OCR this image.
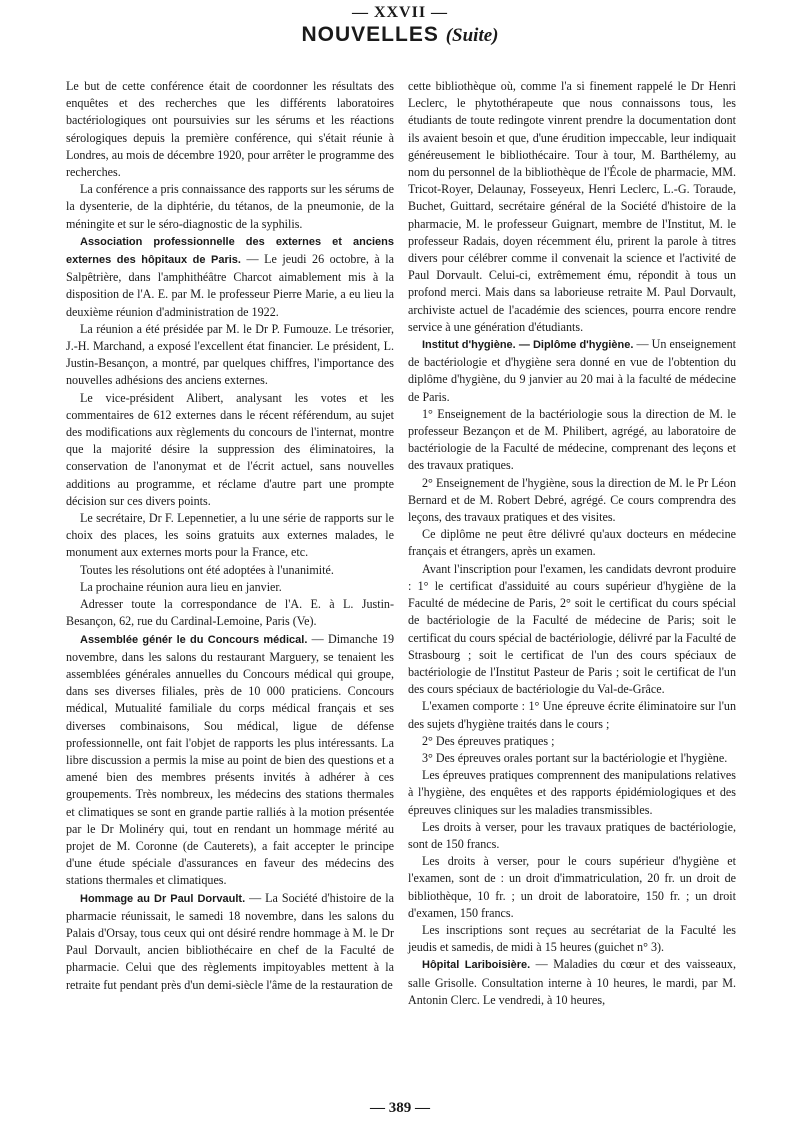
— XXVII —
NOUVELLES (Suite)

Le but de cette conférence était de coordonner les résultats des enquêtes et des recherches que les différents laboratoires bactériologiques ont poursuivies sur les sérums et les réactions sérologiques depuis la première conférence, qui s'était réunie à Londres, au mois de décembre 1920, pour arrêter le programme des recherches.

La conférence a pris connaissance des rapports sur les sérums de la dysenterie, de la diphtérie, du tétanos, de la pneumonie, de la méningite et sur le séro-diagnostic de la syphilis.

Association professionnelle des externes et anciens externes des hôpitaux de Paris. — Le jeudi 26 octobre, à la Salpêtrière, dans l'amphithéâtre Charcot aimablement mis à la disposition de l'A. E. par M. le professeur Pierre Marie, a eu lieu la deuxième réunion d'administration de 1922.

La réunion a été présidée par M. le Dr P. Fumouze. Le trésorier, J.-H. Marchand, a exposé l'excellent état financier. Le président, L. Justin-Besançon, a montré, par quelques chiffres, l'importance des nouvelles adhésions des anciens externes.

Le vice-président Alibert, analysant les votes et les commentaires de 612 externes dans le récent référendum, au sujet des modifications aux règlements du concours de l'internat, montre que la majorité désire la suppression des éliminatoires, la conservation de l'anonymat et de l'écrit actuel, sans nouvelles additions au programme, et réclame d'autre part une prompte décision sur ces divers points.

Le secrétaire, Dr F. Lepennetier, a lu une série de rapports sur le choix des places, les soins gratuits aux externes malades, le monument aux externes morts pour la France, etc.

Toutes les résolutions ont été adoptées à l'unanimité.

La prochaine réunion aura lieu en janvier.

Adresser toute la correspondance de l'A. E. à L. Justin-Besançon, 62, rue du Cardinal-Lemoine, Paris (Ve).

Assemblée génér le du Concours médical. — Dimanche 19 novembre, dans les salons du restaurant Marguery, se tenaient les assemblées générales annuelles du Concours médical qui groupe, dans ses diverses filiales, près de 10 000 praticiens. Concours médical, Mutualité familiale du corps médical français et ses diverses combinaisons, Sou médical, ligue de défense professionnelle, ont fait l'objet de rapports les plus intéressants. La libre discussion a permis la mise au point de bien des questions et a amené bien des membres présents invités à adhérer à ces groupements. Très nombreux, les médecins des stations thermales et climatiques se sont en grande partie ralliés à la motion présentée par le Dr Molinéry qui, tout en rendant un hommage mérité au projet de M. Coronne (de Cauterets), a fait accepter le principe d'une étude spéciale d'assurances en faveur des médecins des stations thermales et climatiques.

Hommage au Dr Paul Dorvault. — La Société d'histoire de la pharmacie réunissait, le samedi 18 novembre, dans les salons du Palais d'Orsay, tous ceux qui ont désiré rendre hommage à M. le Dr Paul Dorvault, ancien bibliothécaire en chef de la Faculté de pharmacie. Celui que des règlements impitoyables mettent à la retraite fut pendant près d'un demi-siècle l'âme de la restauration de

cette bibliothèque où, comme l'a si finement rappelé le Dr Henri Leclerc, le phytothérapeute que nous connaissons tous, les étudiants de toute redingote vinrent prendre la documentation dont ils avaient besoin et que, d'une érudition impeccable, leur indiquait généreusement le bibliothécaire. Tour à tour, M. Barthélemy, au nom du personnel de la bibliothèque de l'École de pharmacie, MM. Tricot-Royer, Delaunay, Fosseyeux, Henri Leclerc, L.-G. Toraude, Buchet, Guittard, secrétaire général de la Société d'histoire de la pharmacie, M. le professeur Guignart, membre de l'Institut, M. le professeur Radais, doyen récemment élu, prirent la parole à titres divers pour célébrer comme il convenait la science et l'activité de Paul Dorvault. Celui-ci, extrêmement ému, répondit à tous un profond merci. Mais dans sa laborieuse retraite M. Paul Dorvault, archiviste actuel de l'académie des sciences, pourra encore rendre service à une génération d'étudiants.

Institut d'hygiène. — Diplôme d'hygiène. — Un enseignement de bactériologie et d'hygiène sera donné en vue de l'obtention du diplôme d'hygiène, du 9 janvier au 20 mai à la faculté de médecine de Paris.

1° Enseignement de la bactériologie sous la direction de M. le professeur Bezançon et de M. Philibert, agrégé, au laboratoire de bactériologie de la Faculté de médecine, comprenant des leçons et des travaux pratiques.

2° Enseignement de l'hygiène, sous la direction de M. le Pr Léon Bernard et de M. Robert Debré, agrégé. Ce cours comprendra des leçons, des travaux pratiques et des visites.

Ce diplôme ne peut être délivré qu'aux docteurs en médecine français et étrangers, après un examen.

Avant l'inscription pour l'examen, les candidats devront produire : 1° le certificat d'assiduité au cours supérieur d'hygiène de la Faculté de médecine de Paris, 2° soit le certificat du cours spécial de bactériologie de la Faculté de médecine de Paris; soit le certificat du cours spécial de bactériologie, délivré par la Faculté de Strasbourg ; soit le certificat de l'un des cours spéciaux de bactériologie de l'Institut Pasteur de Paris ; soit le certificat de l'un des cours spéciaux de bactériologie du Val-de-Grâce.

L'examen comporte : 1° Une épreuve écrite éliminatoire sur l'un des sujets d'hygiène traités dans le cours ;

2° Des épreuves pratiques ;

3° Des épreuves orales portant sur la bactériologie et l'hygiène.

Les épreuves pratiques comprennent des manipulations relatives à l'hygiène, des enquêtes et des rapports épidémiologiques et des épreuves cliniques sur les maladies transmissibles.

Les droits à verser, pour les travaux pratiques de bactériologie, sont de 150 francs.

Les droits à verser, pour le cours supérieur d'hygiène et l'examen, sont de : un droit d'immatriculation, 20 fr. un droit de bibliothèque, 10 fr. ; un droit de laboratoire, 150 fr. ; un droit d'examen, 150 francs.

Les inscriptions sont reçues au secrétariat de la Faculté les jeudis et samedis, de midi à 15 heures (guichet n° 3).

Hôpital Lariboisière. — Maladies du cœur et des vaisseaux, salle Grisolle. Consultation interne à 10 heures, le mardi, par M. Antonin Clerc. Le vendredi, à 10 heures,

— 389 —
